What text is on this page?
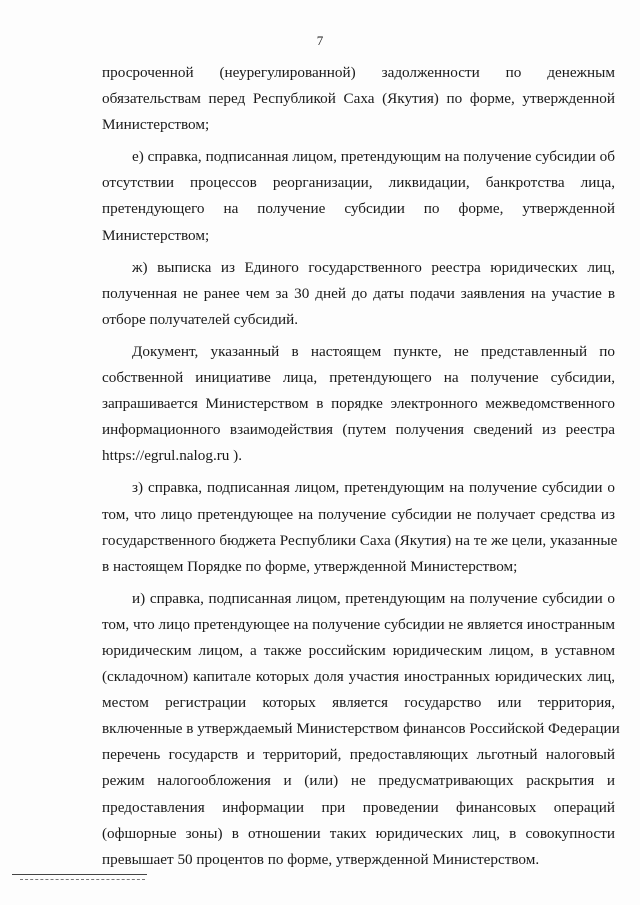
7
просроченной (неурегулированной) задолженности по денежным
обязательствам перед Республикой Саха (Якутия) по форме, утвержденной
Министерством;
е) справка, подписанная лицом, претендующим на получение субсидии об
отсутствии процессов реорганизации, ликвидации, банкротства лица,
претендующего на получение субсидии по форме, утвержденной
Министерством;
ж) выписка из Единого государственного реестра юридических лиц,
полученная не ранее чем за 30 дней до даты подачи заявления на участие в
отборе получателей субсидий.
Документ, указанный в настоящем пункте, не представленный по
собственной инициативе лица, претендующего на получение субсидии,
запрашивается Министерством в порядке электронного межведомственного
информационного взаимодействия (путем получения сведений из реестра
https://egrul.nalog.ru ).
з) справка, подписанная лицом, претендующим на получение субсидии о
том, что лицо претендующее на получение субсидии не получает средства из
государственного бюджета Республики Саха (Якутия) на те же цели, указанные
в настоящем Порядке по форме, утвержденной Министерством;
и) справка, подписанная лицом, претендующим на получение субсидии о
том, что лицо претендующее на получение субсидии не является иностранным
юридическим лицом, а также российским юридическим лицом, в уставном
(складочном) капитале которых доля участия иностранных юридических лиц,
местом регистрации которых является государство или территория,
включенные в утверждаемый Министерством финансов Российской Федерации
перечень государств и территорий, предоставляющих льготный налоговый
режим налогообложения и (или) не предусматривающих раскрытия и
предоставления информации при проведении финансовых операций
(офшорные зоны) в отношении таких юридических лиц, в совокупности
превышает 50 процентов по форме, утвержденной Министерством.
